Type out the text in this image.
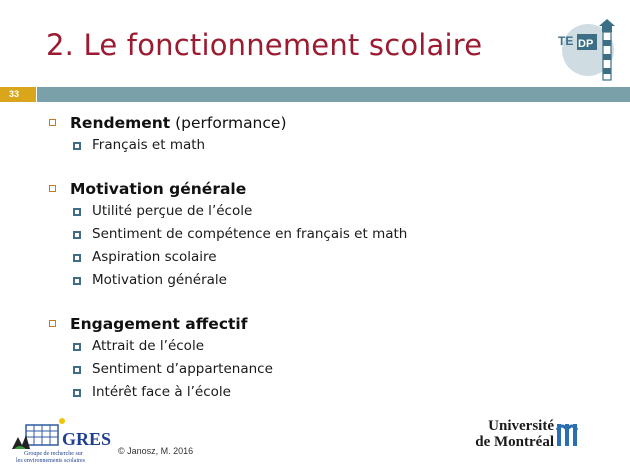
2. Le fonctionnement scolaire	TE DP
33
Rendement (performance)
Français et math
Motivation générale
Utilité perçue de l’école
Sentiment de compétence en français et math
Aspiration scolaire
Motivation générale
Engagement affectif
Attrait de l’école
Sentiment d’appartenance
Intérêt face à l’école
GRES
Groupe de recherche sur
les environnements scolaires
© Janosz, M. 2016
Université
de Montréal
